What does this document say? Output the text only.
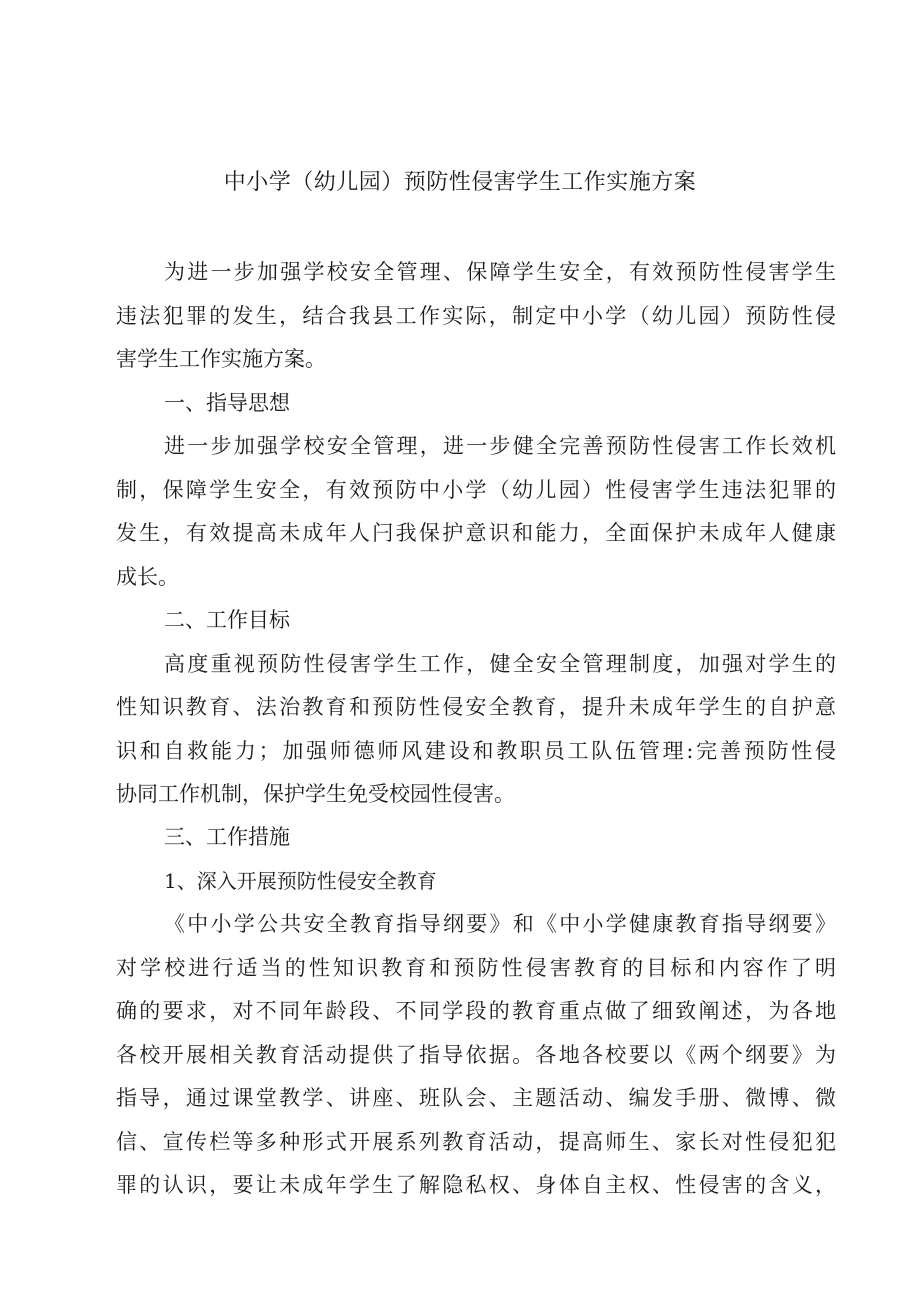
中小学（幼儿园）预防性侵害学生工作实施方案
为进一步加强学校安全管理、保障学生安全，有效预防性侵害学生
违法犯罪的发生，结合我县工作实际，制定中小学（幼儿园）预防性侵
害学生工作实施方案。
一、指导思想
进一步加强学校安全管理，进一步健全完善预防性侵害工作长效机
制，保障学生安全，有效预防中小学（幼儿园）性侵害学生违法犯罪的
发生，有效提高未成年人闩我保护意识和能力，全面保护未成年人健康
成长。
二、工作目标
高度重视预防性侵害学生工作，健全安全管理制度，加强对学生的
性知识教育、法治教育和预防性侵安全教育，提升未成年学生的自护意
识和自救能力；加强师德师风建设和教职员工队伍管理:完善预防性侵
协同工作机制，保护学生免受校园性侵害。
三、工作措施
1、深入开展预防性侵安全教育
《中小学公共安全教育指导纲要》和《中小学健康教育指导纲要》
对学校进行适当的性知识教育和预防性侵害教育的目标和内容作了明
确的要求，对不同年龄段、不同学段的教育重点做了细致阐述，为各地
各校开展相关教育活动提供了指导依据。各地各校要以《两个纲要》为
指导，通过课堂教学、讲座、班队会、主题活动、编发手册、微博、微
信、宣传栏等多种形式开展系列教育活动，提高师生、家长对性侵犯犯
罪的认识，要让未成年学生了解隐私权、身体自主权、性侵害的含义，
